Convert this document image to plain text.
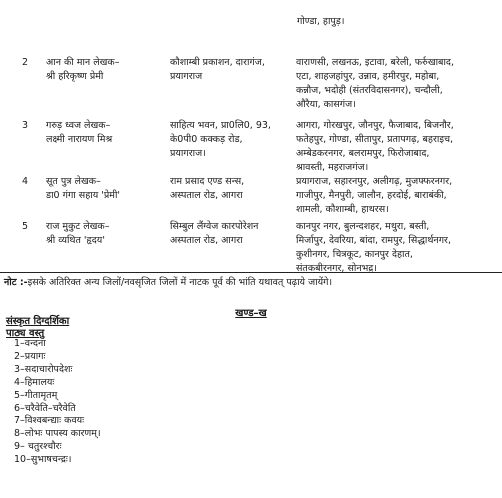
गोण्डा, हापुड़।
2 आन की मान लेखक–
श्री हरिकृष्ण प्रेमी
कौशाम्बी प्रकाशन, दारागंज,
प्रयागराज
वाराणसी, लखनऊ, इटावा, बरेली, फर्रुखाबाद,
एटा, शाहजहांपुर, उन्नाव, हमीरपुर, महोबा,
कन्नौज, भदोही (संतरविदासनगर), चन्दौली,
औरैया, कासगंज।
3 गरुड़ ध्वज लेखक–
लक्ष्मी नारायण मिश्र
साहित्य भवन, प्रा0लि0, 93,
के0पी0 कक्कड़ रोड,
प्रयागराज।
आगरा, गोरखपुर, जौनपुर, फैजाबाद, बिजनौर,
फतेहपुर, गोण्डा, सीतापुर, प्रतापगढ़, बहराइच,
अम्बेडकरनगर, बलरामपुर, फिरोजाबाद,
श्रावस्ती, महराजगंज।
4 सूत पुत्र लेखक–
डा0 गंगा सहाय 'प्रेमी'
राम प्रसाद एण्ड सन्स,
अस्पताल रोड, आगरा
प्रयागराज, सहारनपुर, अलीगढ़, मुजफ्फरनगर,
गाजीपुर, मैनपुरी, जालौन, हरदोई, बाराबंकी,
शामली, कौशाम्बी, हाथरस।
5 राज मुकुट लेखक–
श्री व्यथित 'हृदय'
सिम्बुल लैंग्वेज कारपोरेशन
अस्पताल रोड, आगरा
कानपुर नगर, बुलन्दशहर, मथुरा, बस्ती,
मिर्जापुर, देवरिया, बांदा, रामपुर, सिद्धार्थनगर,
कुशीनगर, चित्रकूट, कानपुर देहात,
संतकबीरनगर, सोनभद्र।
नोट :-इसके अतिरिक्त अन्य जिलों/नवसृजित जिलों में नाटक पूर्व की भांति यथावत् पढ़ाये जायेंगे।
खण्ड–ख
संस्कृत दिग्दर्शिका
पाठ्य वस्तु
1–वन्दना
2–प्रयागः
3–सदाचारोपदेशः
4–हिमालयः
5–गीतामृतम्
6–चरैवेति–चरैवेति
7–विश्वबन्द्याः कवयः
8–लोभः पापस्य कारणम्।
9– चतुरश्चौरः
10–सुभाषचन्द्रः।
